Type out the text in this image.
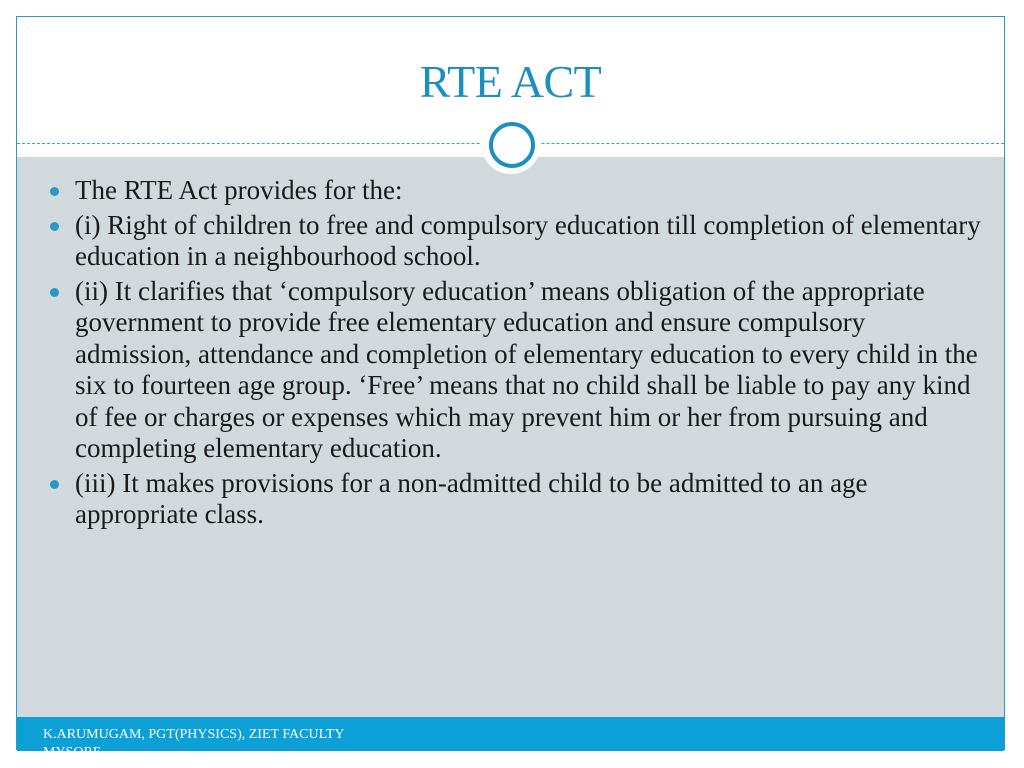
RTE ACT
The RTE Act provides for the:
(i) Right of children to free and compulsory education till completion of elementary education in a neighbourhood school.
(ii) It clarifies that ‘compulsory education’ means obligation of the appropriate government to provide free elementary education and ensure compulsory admission, attendance and completion of elementary education to every child in the six to fourteen age group. ‘Free’ means that no child shall be liable to pay any kind of fee or charges or expenses which may prevent him or her from pursuing and completing elementary education.
(iii) It makes provisions for a non-admitted child to be admitted to an age appropriate class.
K.ARUMUGAM, PGT(PHYSICS), ZIET FACULTY MYSORE
